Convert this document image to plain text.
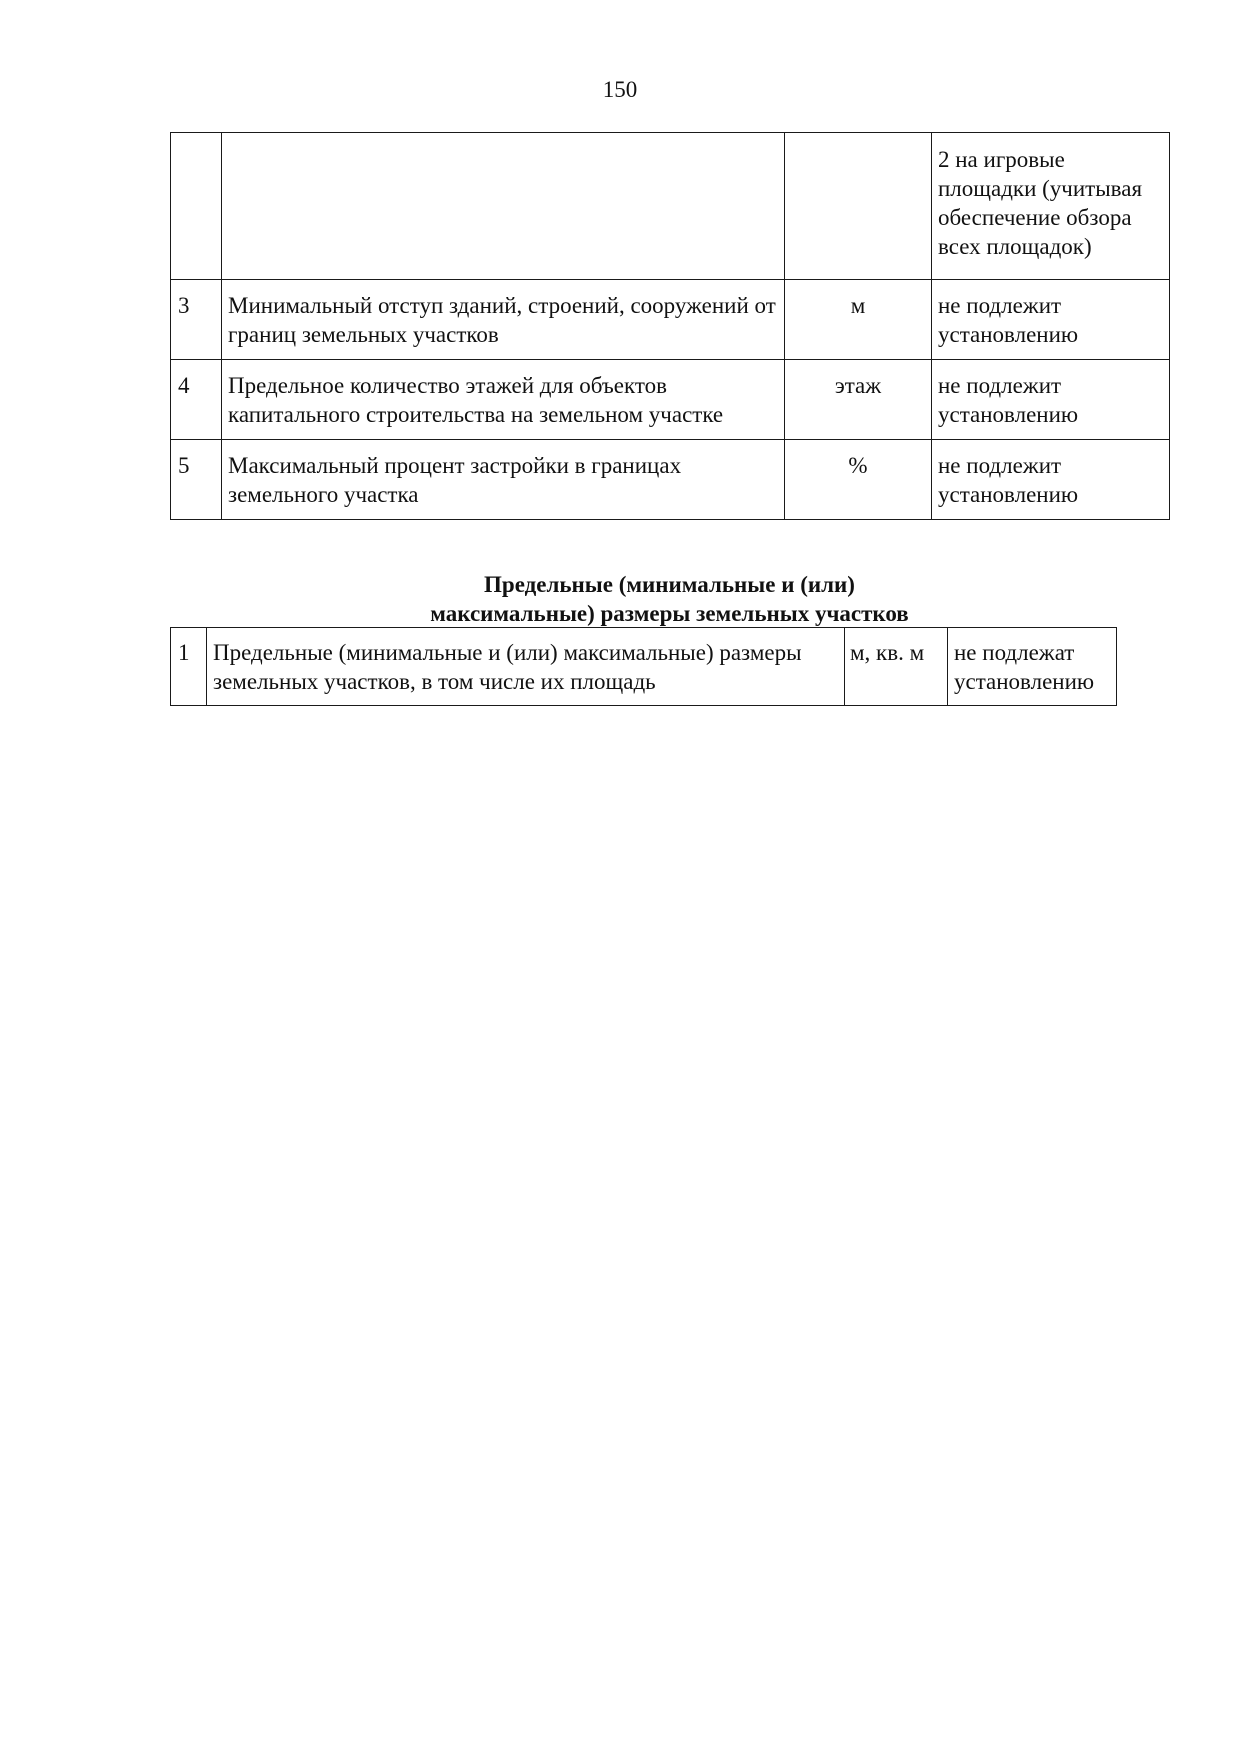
150
			2 на игровые площадки (учитывая обеспечение обзора всех площадок)
3	Минимальный отступ зданий, строений, сооружений от границ земельных участков	м	не подлежит установлению
4	Предельное количество этажей для объектов капитального строительства на земельном участке	этаж	не подлежит установлению
5	Максимальный процент застройки в границах земельного участка	%	не подлежит установлению
Предельные (минимальные и (или)
максимальные) размеры земельных участков
1	Предельные (минимальные и (или) максимальные) размеры земельных участков, в том числе их площадь	м, кв. м	не подлежат установлению
